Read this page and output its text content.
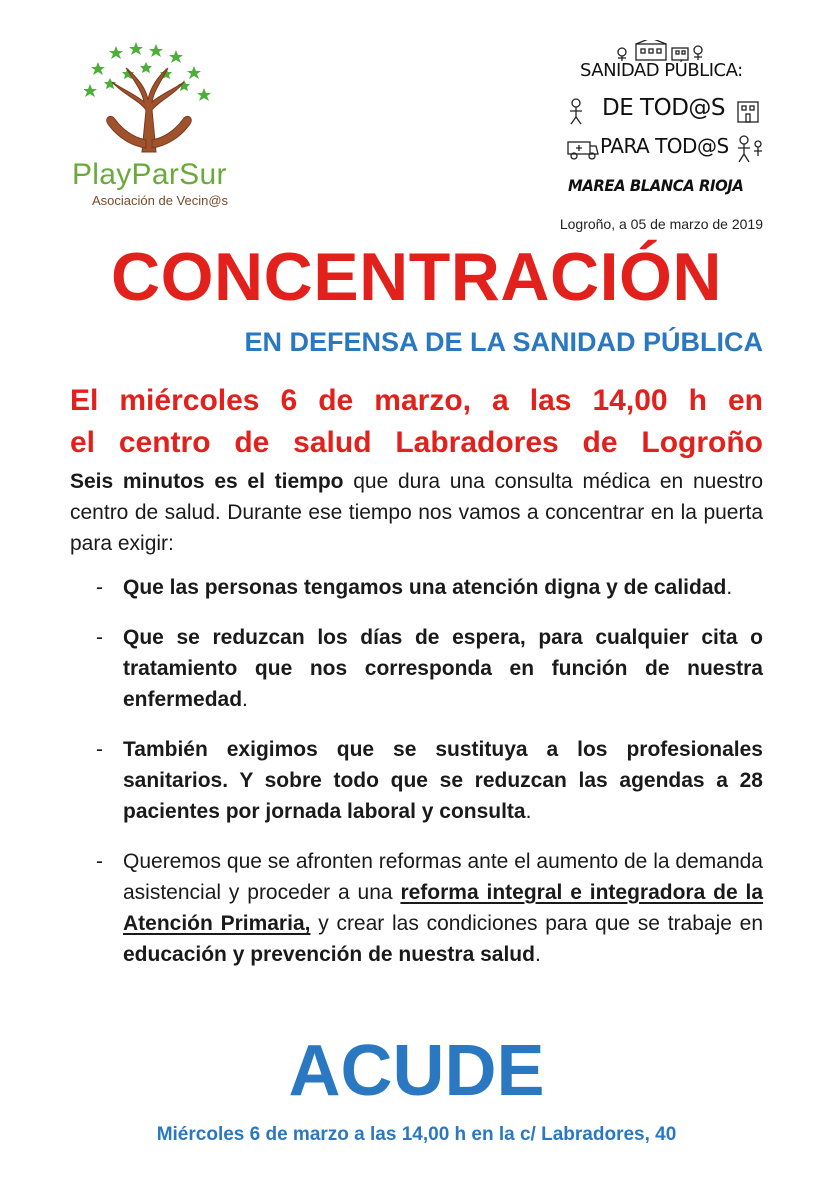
PlayParSur
Asociación de Vecin@s
SANIDAD PÚBLICA:
DE TOD@S
PARA TOD@S
MAREA BLANCA RIOJA
Logroño, a 05 de marzo de 2019
CONCENTRACIÓN
EN DEFENSA DE LA SANIDAD PÚBLICA
El miércoles 6 de marzo, a las 14,00 h en
el centro de salud Labradores de Logroño
Seis minutos es el tiempo que dura una consulta médica en nuestro centro de salud. Durante ese tiempo nos vamos a concentrar en la puerta para exigir:
- Que las personas tengamos una atención digna y de calidad.
- Que se reduzcan los días de espera, para cualquier cita o tratamiento que nos corresponda en función de nuestra enfermedad.
- También exigimos que se sustituya a los profesionales sanitarios. Y sobre todo que se reduzcan las agendas a 28 pacientes por jornada laboral y consulta.
- Queremos que se afronten reformas ante el aumento de la demanda asistencial y proceder a una reforma integral e integradora de la Atención Primaria, y crear las condiciones para que se trabaje en educación y prevención de nuestra salud.
ACUDE
Miércoles 6 de marzo a las 14,00 h en la c/ Labradores, 40
